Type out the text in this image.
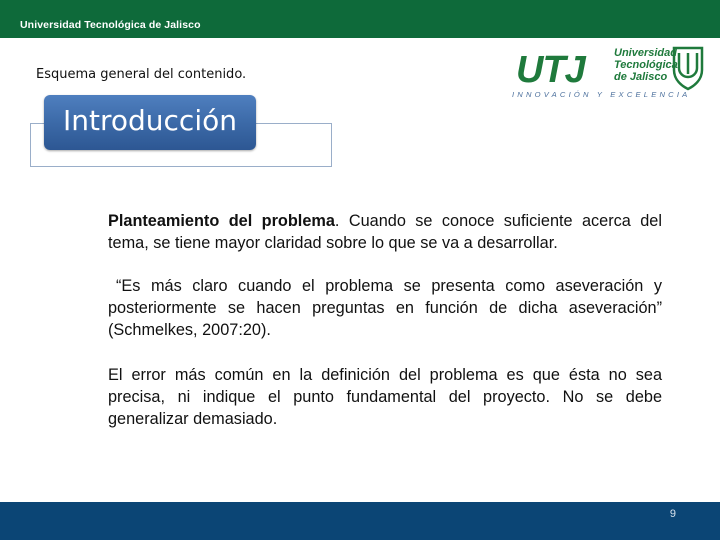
Universidad Tecnológica de Jalisco
Esquema general del contenido.	UTJ	Universidad
Tecnológica
de Jalisco
INNOVACIÓN Y EXCELENCIA
Introducción
Planteamiento del problema. Cuando se conoce suficiente acerca del tema, se tiene mayor claridad sobre lo que se va a desarrollar.
“Es más claro cuando el problema se presenta como aseveración y posteriormente se hacen preguntas en función de dicha aseveración” (Schmelkes, 2007:20).
El error más común en la definición del problema es que ésta no sea precisa, ni indique el punto fundamental del proyecto. No se debe generalizar demasiado.
9
